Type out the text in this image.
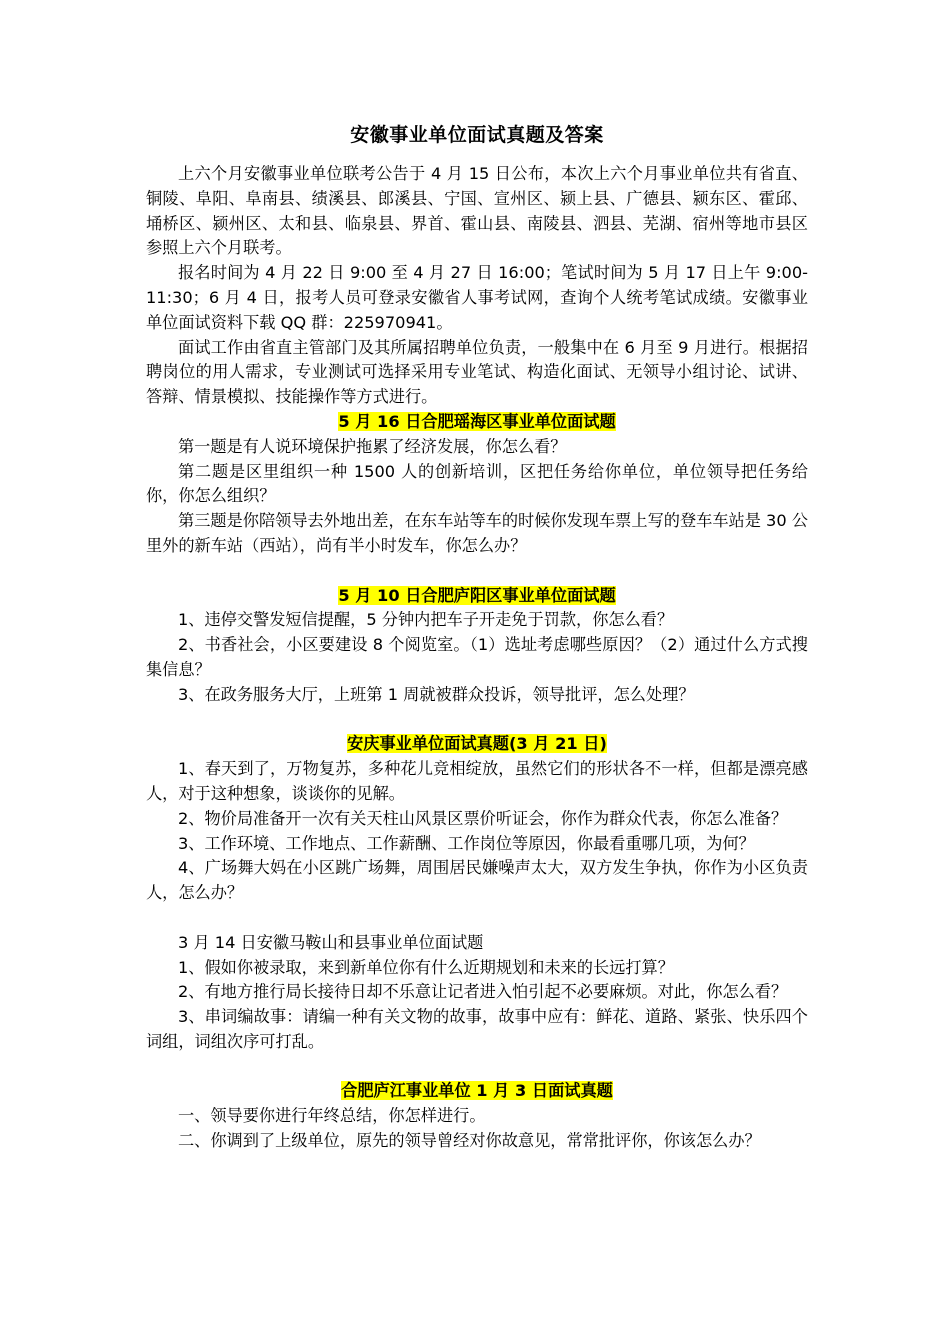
安徽事业单位面试真题及答案

上六个月安徽事业单位联考公告于 4 月 15 日公布，本次上六个月事业单位共有省直、铜陵、阜阳、阜南县、绩溪县、郎溪县、宁国、宣州区、颍上县、广德县、颍东区、霍邱、埇桥区、颍州区、太和县、临泉县、界首、霍山县、南陵县、泗县、芜湖、宿州等地市县区参照上六个月联考。

报名时间为 4 月 22 日 9:00 至 4 月 27 日 16:00；笔试时间为 5 月 17 日上午 9:00-11:30；6 月 4 日，报考人员可登录安徽省人事考试网，查询个人统考笔试成绩。安徽事业单位面试资料下载 QQ 群：225970941。

面试工作由省直主管部门及其所属招聘单位负责，一般集中在 6 月至 9 月进行。根据招聘岗位的用人需求，专业测试可选择采用专业笔试、构造化面试、无领导小组讨论、试讲、答辩、情景模拟、技能操作等方式进行。

5 月 16 日合肥瑶海区事业单位面试题

第一题是有人说环境保护拖累了经济发展，你怎么看？

第二题是区里组织一种 1500 人的创新培训，区把任务给你单位，单位领导把任务给你，你怎么组织？

第三题是你陪领导去外地出差，在东车站等车的时候你发现车票上写的登车车站是 30 公里外的新车站（西站），尚有半小时发车，你怎么办？

5 月 10 日合肥庐阳区事业单位面试题

1、违停交警发短信提醒，5 分钟内把车子开走免于罚款，你怎么看？

2、书香社会，小区要建设 8 个阅览室。（1）选址考虑哪些原因？（2）通过什么方式搜集信息？

3、在政务服务大厅，上班第 1 周就被群众投诉，领导批评，怎么处理？

安庆事业单位面试真题(3 月 21 日)

1、春天到了，万物复苏，多种花儿竞相绽放，虽然它们的形状各不一样，但都是漂亮感人，对于这种想象，谈谈你的见解。

2、物价局准备开一次有关天柱山风景区票价听证会，你作为群众代表，你怎么准备？

3、工作环境、工作地点、工作薪酬、工作岗位等原因，你最看重哪几项，为何？

4、广场舞大妈在小区跳广场舞，周围居民嫌噪声太大，双方发生争执，你作为小区负责人，怎么办？

3 月 14 日安徽马鞍山和县事业单位面试题

1、假如你被录取，来到新单位你有什么近期规划和未来的长远打算？

2、有地方推行局长接待日却不乐意让记者进入怕引起不必要麻烦。对此，你怎么看？

3、串词编故事：请编一种有关文物的故事，故事中应有：鲜花、道路、紧张、快乐四个词组，词组次序可打乱。

合肥庐江事业单位 1 月 3 日面试真题

一、领导要你进行年终总结，你怎样进行。

二、你调到了上级单位，原先的领导曾经对你故意见，常常批评你，你该怎么办？
